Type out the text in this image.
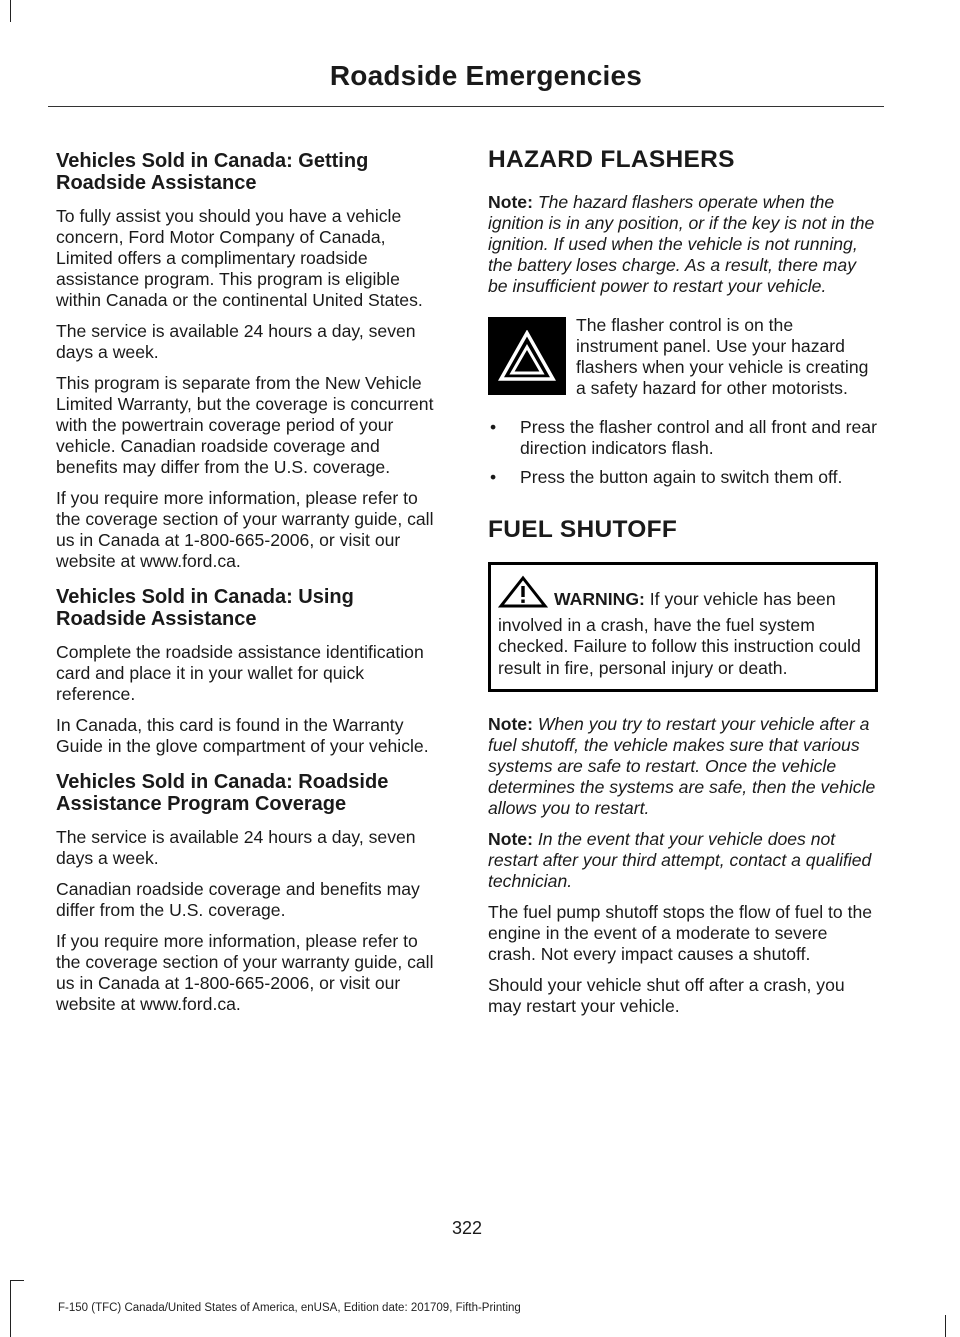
Roadside Emergencies
Vehicles Sold in Canada: Getting Roadside Assistance

To fully assist you should you have a vehicle concern, Ford Motor Company of Canada, Limited offers a complimentary roadside assistance program. This program is eligible within Canada or the continental United States.

The service is available 24 hours a day, seven days a week.

This program is separate from the New Vehicle Limited Warranty, but the coverage is concurrent with the powertrain coverage period of your vehicle. Canadian roadside coverage and benefits may differ from the U.S. coverage.

If you require more information, please refer to the coverage section of your warranty guide, call us in Canada at 1-800-665-2006, or visit our website at www.ford.ca.

Vehicles Sold in Canada: Using Roadside Assistance

Complete the roadside assistance identification card and place it in your wallet for quick reference.

In Canada, this card is found in the Warranty Guide in the glove compartment of your vehicle.

Vehicles Sold in Canada: Roadside Assistance Program Coverage

The service is available 24 hours a day, seven days a week.

Canadian roadside coverage and benefits may differ from the U.S. coverage.

If you require more information, please refer to the coverage section of your warranty guide, call us in Canada at 1-800-665-2006, or visit our website at www.ford.ca.

HAZARD FLASHERS

Note: The hazard flashers operate when the ignition is in any position, or if the key is not in the ignition. If used when the vehicle is not running, the battery loses charge. As a result, there may be insufficient power to restart your vehicle.

The flasher control is on the instrument panel. Use your hazard flashers when your vehicle is creating a safety hazard for other motorists.

• Press the flasher control and all front and rear direction indicators flash.
• Press the button again to switch them off.
FUEL SHUTOFF
WARNING: If your vehicle has been involved in a crash, have the fuel system checked. Failure to follow this instruction could result in fire, personal injury or death.

Note: When you try to restart your vehicle after a fuel shutoff, the vehicle makes sure that various systems are safe to restart. Once the vehicle determines the systems are safe, then the vehicle allows you to restart.

Note: In the event that your vehicle does not restart after your third attempt, contact a qualified technician.

The fuel pump shutoff stops the flow of fuel to the engine in the event of a moderate to severe crash. Not every impact causes a shutoff.

Should your vehicle shut off after a crash, you may restart your vehicle.

322
F-150 (TFC) Canada/United States of America, enUSA, Edition date: 201709, Fifth-Printing
